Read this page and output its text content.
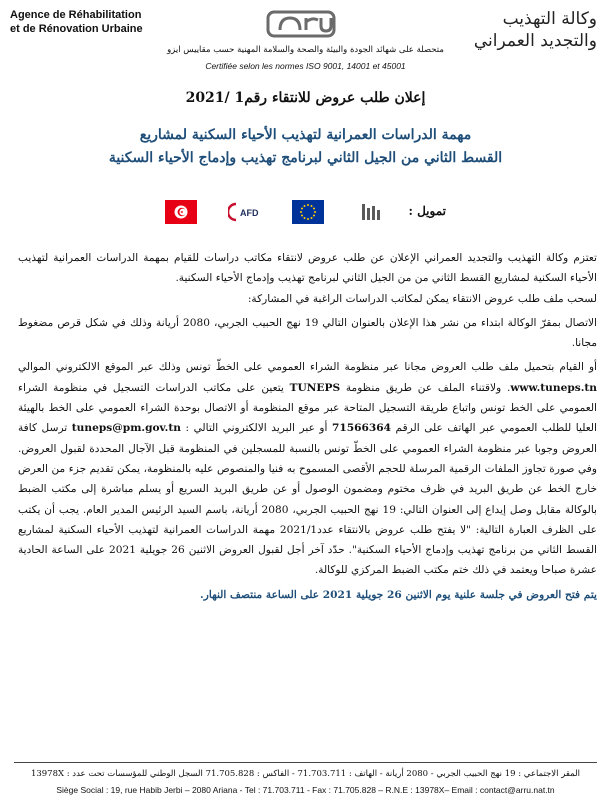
Agence de Réhabilitation
et de Rénovation Urbaine	وكالة التهذيب
والتجديد العمراني
متحصلة على شهائد الجودة والبيئة والصحة والسلامة المهنية حسب مقاييس ايزو
Certifiée selon les normes ISO 9001, 14001 et 45001
إعلان طلب عروض للانتقاء رقم1 /2021
مهمة الدراسات العمرانية لتهذيب الأحياء السكنية لمشاريع
القسط الثاني من الجيل الثاني لبرنامج تهذيب وإدماج الأحياء السكنية
تمويل :
AFD

تعتزم وكالة التهذيب والتجديد العمراني الإعلان عن طلب عروض لانتقاء مكاتب دراسات للقيام بمهمة الدراسات العمرانية لتهذيب الأحياء السكنية لمشاريع القسط الثاني من من الجيل الثاني لبرنامج تهذيب وإدماج الأحياء السكنية.

لسحب ملف طلب عروض الانتقاء يمكن لمكاتب الدراسات الراغبة في المشاركة:

الاتصال بمقرّ الوكالة ابتداء من نشر هذا الإعلان بالعنوان التالي 19 نهج الحبيب الجربي، 2080 أريانة وذلك في شكل قرص مضغوط مجانا.

أو القيام بتحميل ملف طلب العروض مجانا عبر منظومة الشراء العمومي على الخطّ تونس وذلك عبر الموقع الالكتروني الموالي www.tuneps.tn. ولاقتناء الملف عن طريق منظومة TUNEPS يتعين على مكاتب الدراسات التسجيل في منظومة الشراء العمومي على الخط تونس واتباع طريقة التسجيل المتاحة عبر موقع المنظومة أو الاتصال بوحدة الشراء العمومي على الخط بالهيئة العليا للطلب العمومي عبر الهاتف على الرقم 71566364 أو عبر البريد الالكتروني التالي : tuneps@pm.gov.tn ترسل كافة العروض وجوبا عبر منظومة الشراء العمومي على الخطّ تونس بالنسبة للمسجلين في المنظومة قبل الآجال المحددة لقبول العروض. وفي صورة تجاوز الملفات الرقمية المرسلة للحجم الأقصى المسموح به فنيا والمنصوص عليه بالمنظومة، يمكن تقديم جزء من العرض خارج الخط عن طريق البريد في ظرف مختوم ومضمون الوصول أو عن طريق البريد السريع أو يسلم مباشرة إلى مكتب الضبط بالوكالة مقابل وصل إيداع إلى العنوان التالي: 19 نهج الحبيب الجربي، 2080 أريانة، باسم السيد الرئيس المدير العام. يجب أن يكتب على الظرف العبارة التالية: "لا يفتح طلب عروض بالانتقاء عدد2021/1 مهمة الدراسات العمرانية لتهذيب الأحياء السكنية لمشاريع القسط الثاني من برنامج تهذيب وإدماج الأحياء السكنية". حدّد آخر أجل لقبول العروض الاثنين 26 جويلية 2021 على الساعة الحادية عشرة صباحا ويعتمد في ذلك ختم مكتب الضبط المركزي للوكالة.

يتم فتح العروض في جلسة علنية يوم الاثنين 26 جويلية 2021 على الساعة منتصف النهار.

المقر الاجتماعي : 19 نهج الحبيب الجربي - 2080 أريانة - الهاتف : 71.703.711 - الفاكس : 71.705.828 السجل الوطني للمؤسسات تحت عدد : 13978X
Siège Social : 19, rue Habib Jerbi – 2080 Ariana - Tel : 71.703.711 - Fax : 71.705.828 – R.N.E : 13978X– Email : contact@arru.nat.tn
